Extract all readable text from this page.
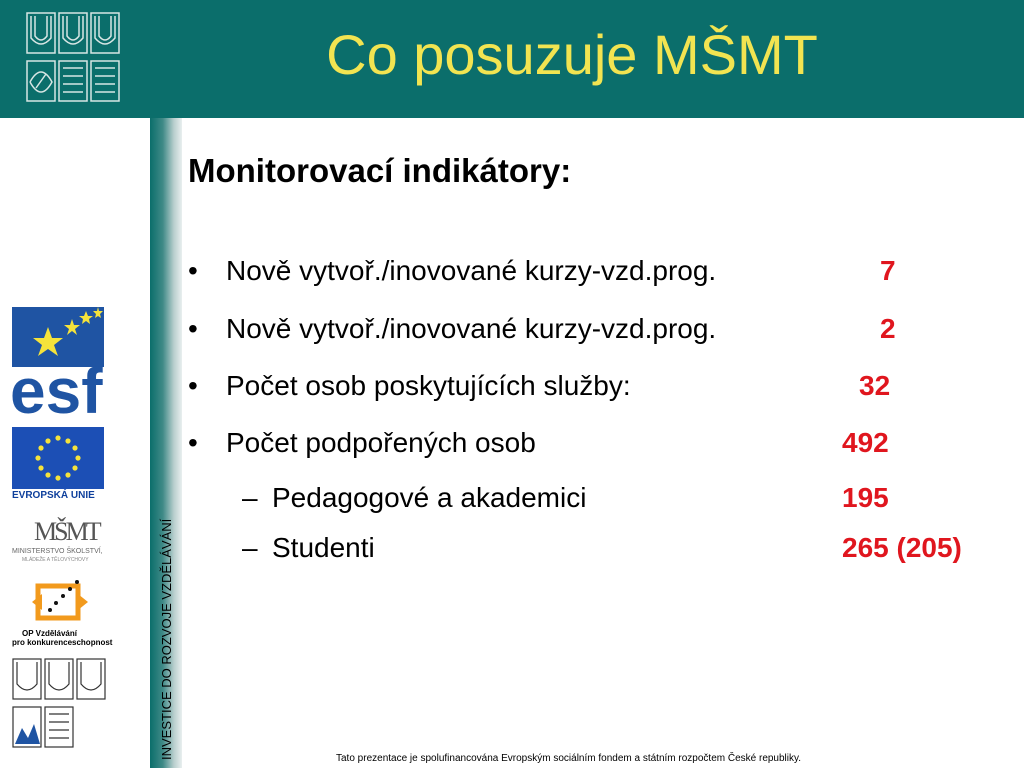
Co posuzuje MŠMT
INVESTICE DO ROZVOJE VZDĚLÁVÁNÍ
esf
EVROPSKÁ UNIE
MŠMT
MINISTERSTVO ŠKOLSTVÍ,
MLÁDEŽE A TĚLOVÝCHOVY
OP Vzdělávání
pro konkurenceschopnost
Monitorovací indikátory:
• Nově vytvoř./inovované kurzy-vzd.prog.	7
• Nově vytvoř./inovované kurzy-vzd.prog.	2
• Počet osob poskytujících služby:	32
• Počet podpořených osob	492
– Pedagogové a akademici	195
– Studenti	265 (205)
Tato prezentace je spolufinancována Evropským sociálním fondem a státním rozpočtem České republiky.
